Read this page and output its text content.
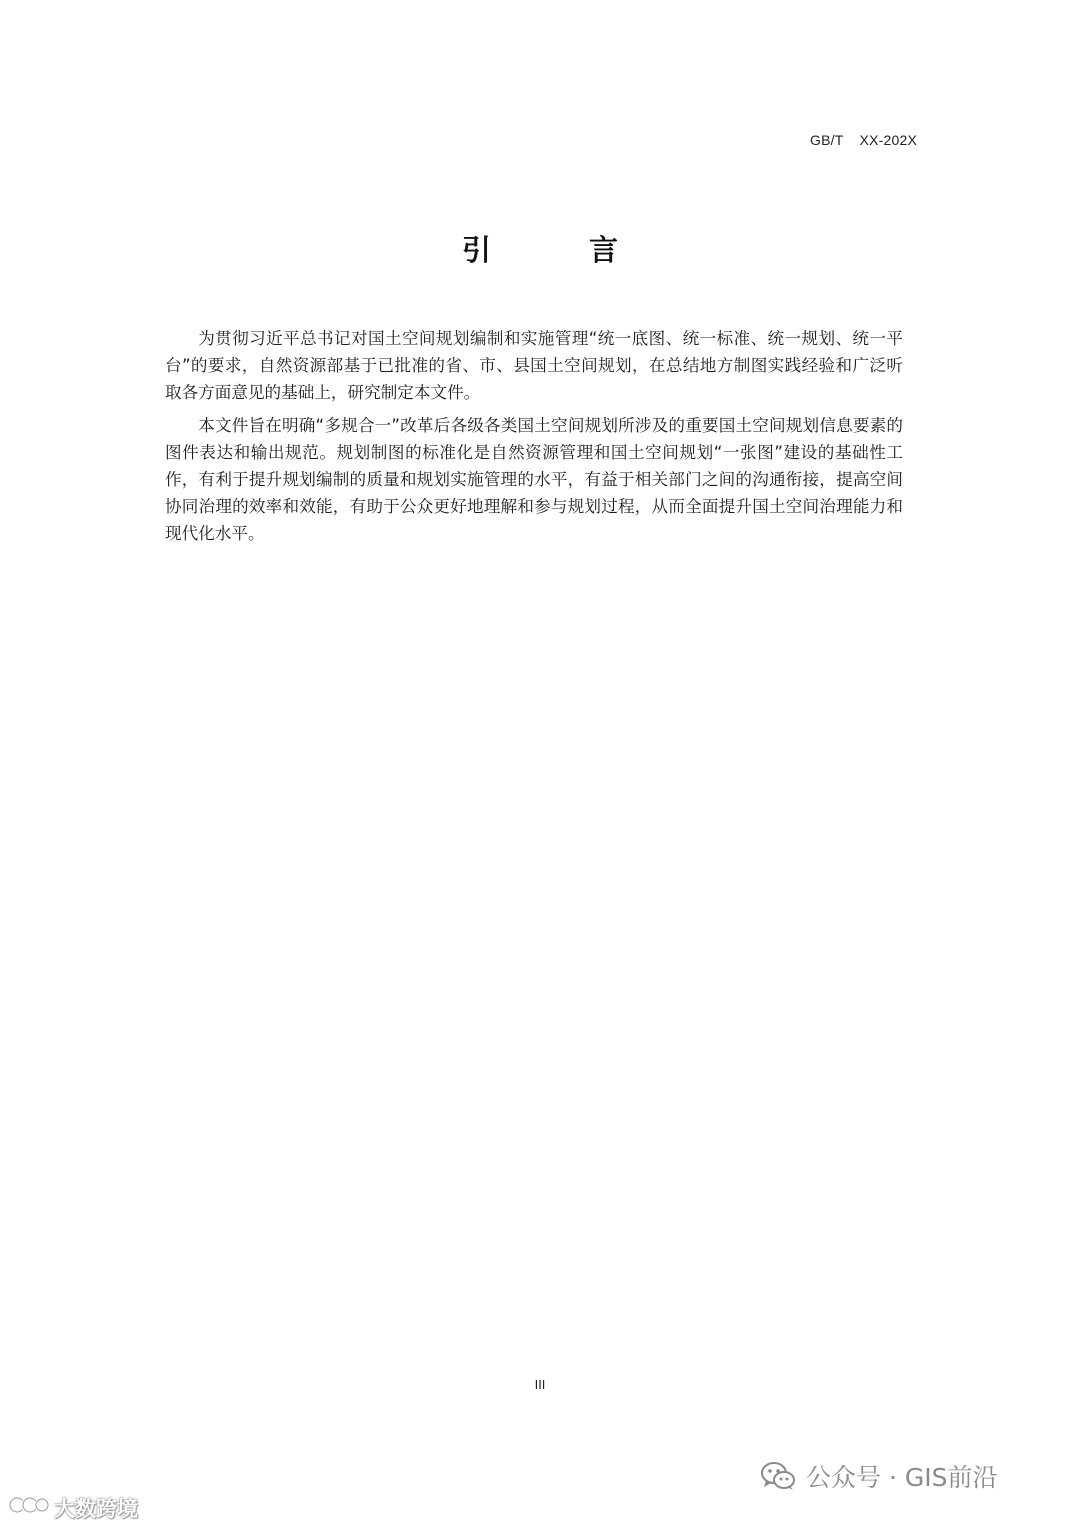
GB/T    XX-202X
引 言

为贯彻习近平总书记对国土空间规划编制和实施管理“统一底图、统一标准、统一规划、统一平台”的要求，自然资源部基于已批准的省、市、县国土空间规划，在总结地方制图实践经验和广泛听取各方面意见的基础上，研究制定本文件。

本文件旨在明确“多规合一”改革后各级各类国土空间规划所涉及的重要国土空间规划信息要素的图件表达和输出规范。规划制图的标准化是自然资源管理和国土空间规划“一张图”建设的基础性工作，有利于提升规划编制的质量和规划实施管理的水平，有益于相关部门之间的沟通衔接，提高空间协同治理的效率和效能，有助于公众更好地理解和参与规划过程，从而全面提升国土空间治理能力和现代化水平。

III
公众号 · GIS前沿
大数跨境
